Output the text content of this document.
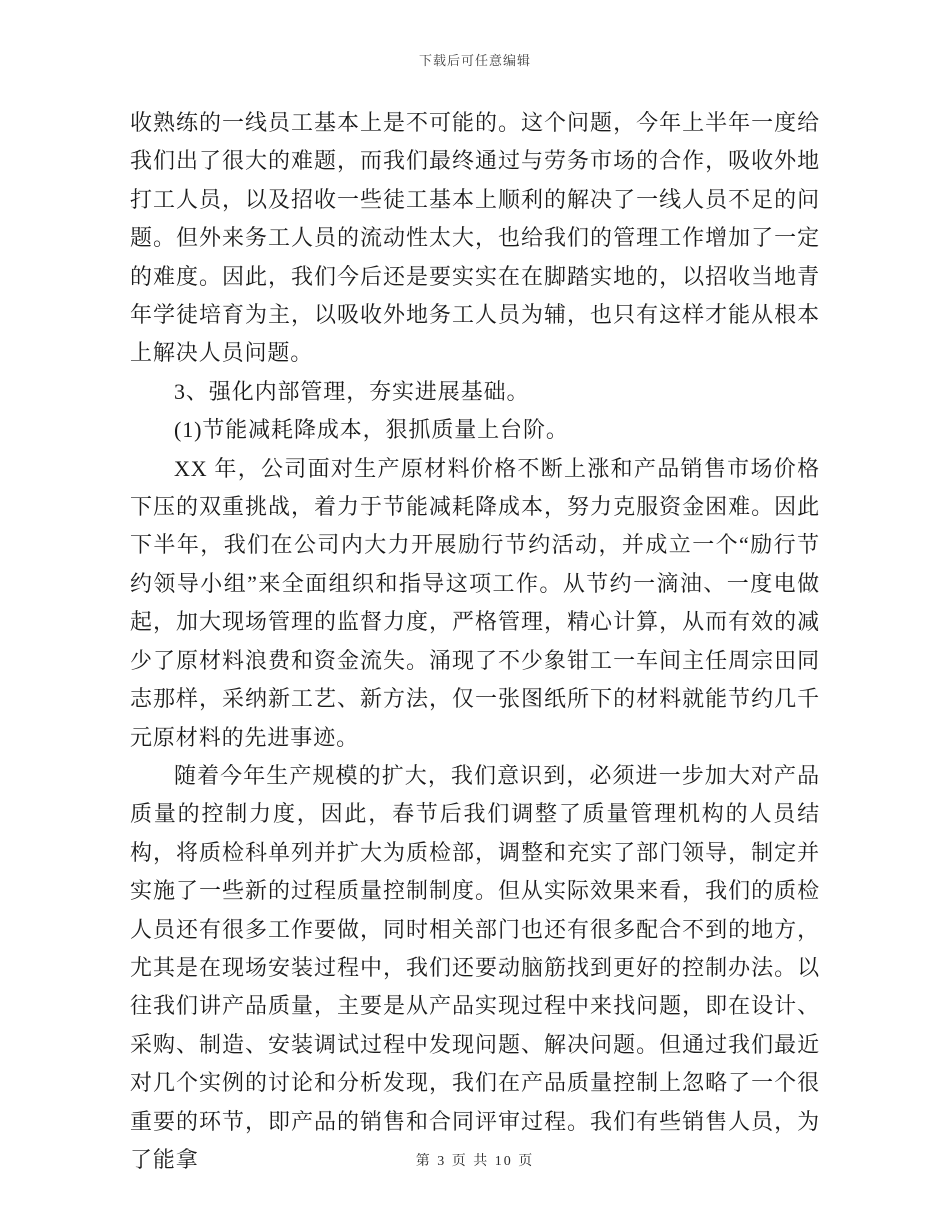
下载后可任意编辑

收熟练的一线员工基本上是不可能的。这个问题，今年上半年一度给我们出了很大的难题，而我们最终通过与劳务市场的合作，吸收外地打工人员，以及招收一些徒工基本上顺利的解决了一线人员不足的问题。但外来务工人员的流动性太大，也给我们的管理工作增加了一定的难度。因此，我们今后还是要实实在在脚踏实地的，以招收当地青年学徒培育为主，以吸收外地务工人员为辅，也只有这样才能从根本上解决人员问题。

3、强化内部管理，夯实进展基础。

(1)节能减耗降成本，狠抓质量上台阶。

XX 年，公司面对生产原材料价格不断上涨和产品销售市场价格下压的双重挑战，着力于节能减耗降成本，努力克服资金困难。因此下半年，我们在公司内大力开展励行节约活动，并成立一个“励行节约领导小组”来全面组织和指导这项工作。从节约一滴油、一度电做起，加大现场管理的监督力度，严格管理，精心计算，从而有效的减少了原材料浪费和资金流失。涌现了不少象钳工一车间主任周宗田同志那样，采纳新工艺、新方法，仅一张图纸所下的材料就能节约几千元原材料的先进事迹。

随着今年生产规模的扩大，我们意识到，必须进一步加大对产品质量的控制力度，因此，春节后我们调整了质量管理机构的人员结构，将质检科单列并扩大为质检部，调整和充实了部门领导，制定并实施了一些新的过程质量控制制度。但从实际效果来看，我们的质检人员还有很多工作要做，同时相关部门也还有很多配合不到的地方，尤其是在现场安装过程中，我们还要动脑筋找到更好的控制办法。以往我们讲产品质量，主要是从产品实现过程中来找问题，即在设计、采购、制造、安装调试过程中发现问题、解决问题。但通过我们最近对几个实例的讨论和分析发现，我们在产品质量控制上忽略了一个很重要的环节，即产品的销售和合同评审过程。我们有些销售人员，为了能拿	第 3 页 共 10 页
